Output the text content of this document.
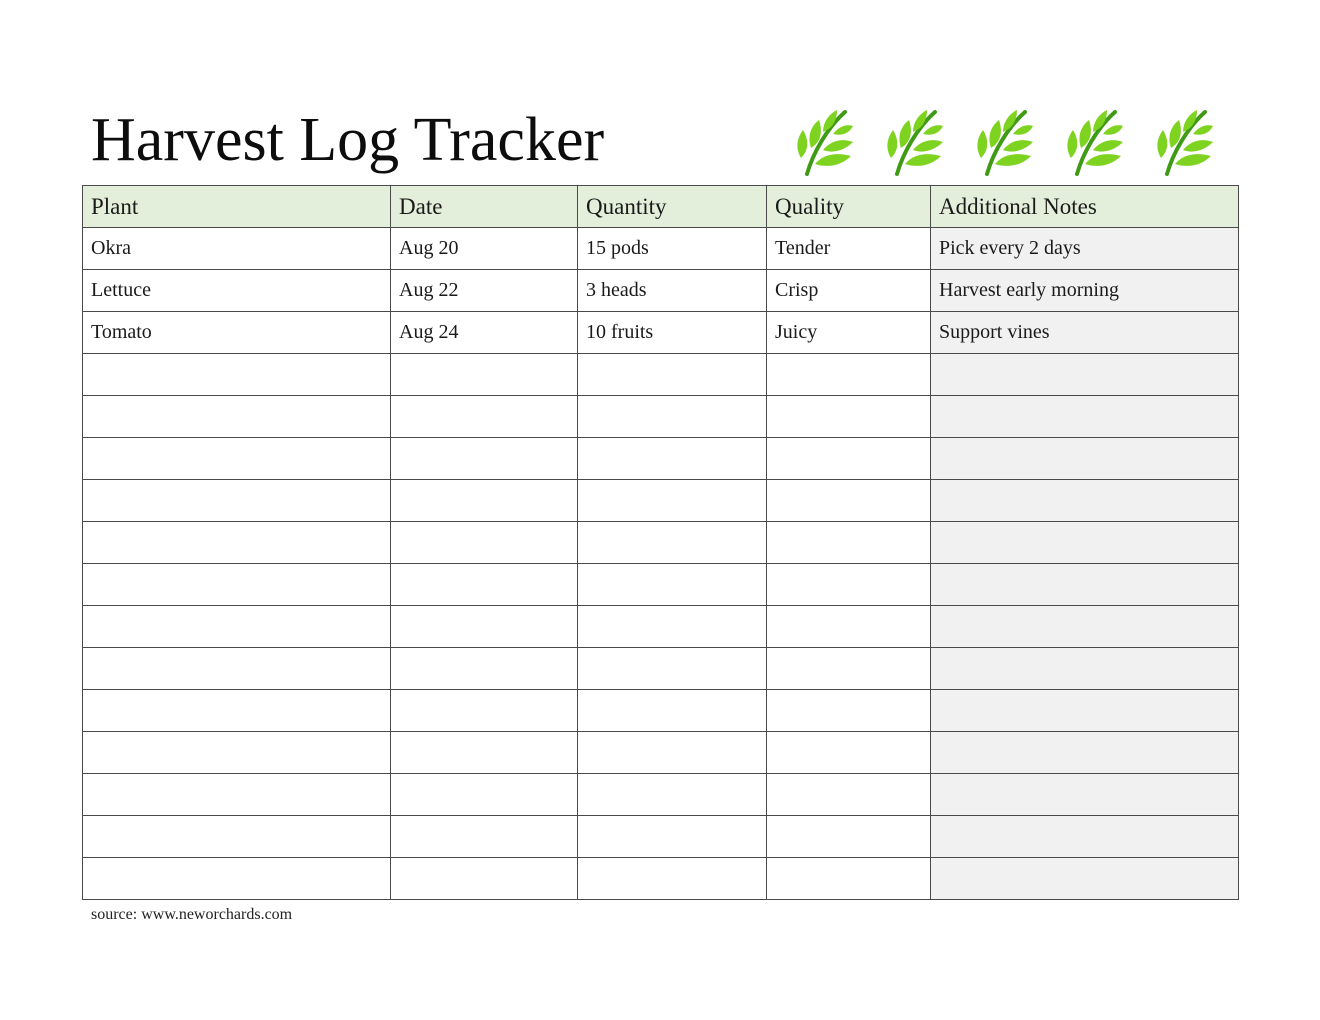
Harvest Log Tracker
Plant	Date	Quantity	Quality	Additional Notes
Okra	Aug 20	15 pods	Tender	Pick every 2 days
Lettuce	Aug 22	3 heads	Crisp	Harvest early morning
Tomato	Aug 24	10 fruits	Juicy	Support vines

source: www.neworchards.com
